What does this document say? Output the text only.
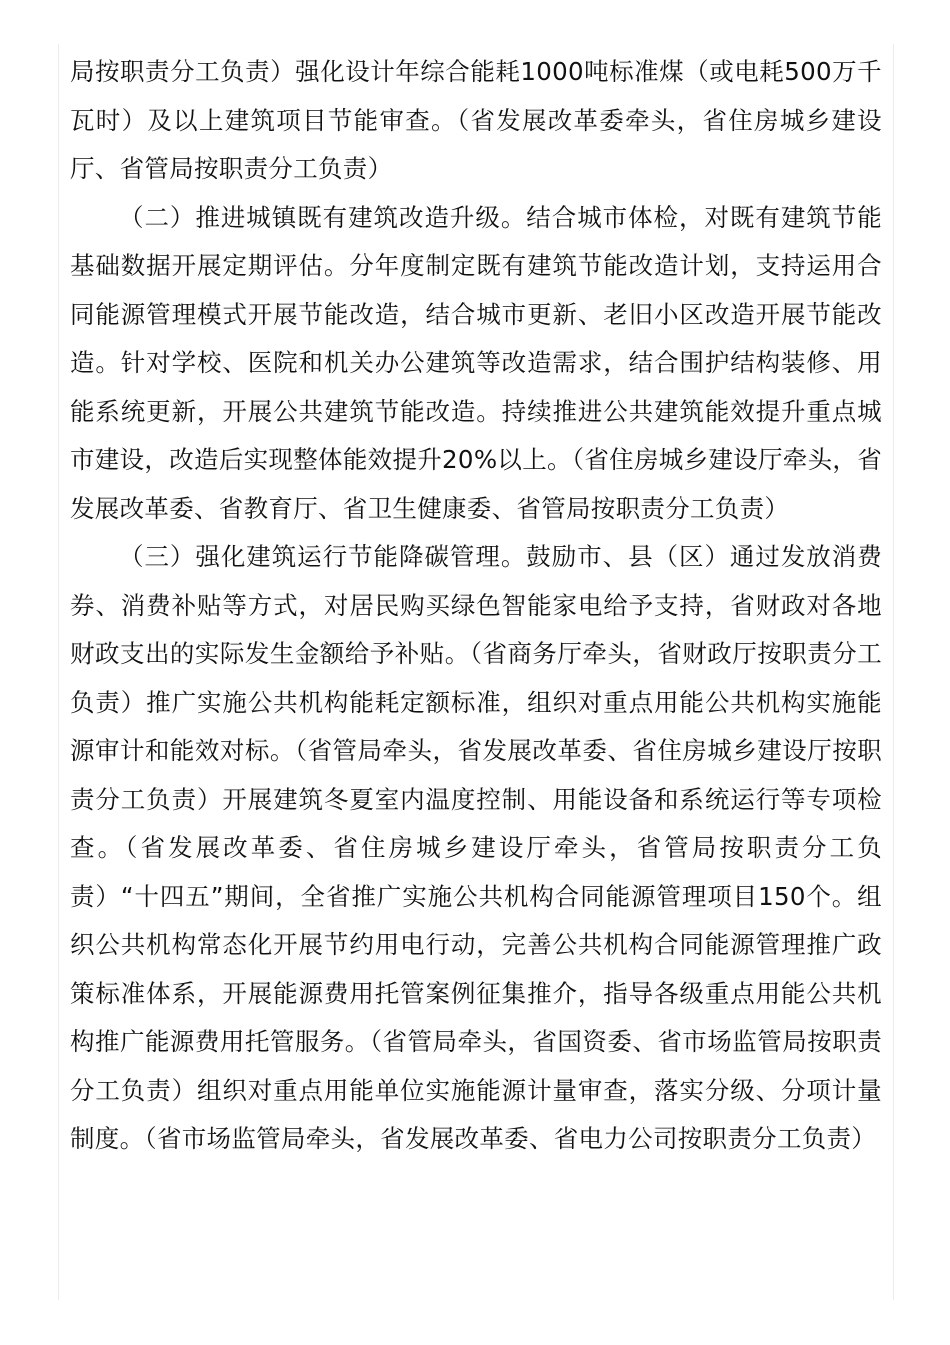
局按职责分工负责）强化设计年综合能耗1000吨标准煤（或电耗500万千瓦时）及以上建筑项目节能审查。（省发展改革委牵头，省住房城乡建设厅、省管局按职责分工负责）

（二）推进城镇既有建筑改造升级。结合城市体检，对既有建筑节能基础数据开展定期评估。分年度制定既有建筑节能改造计划，支持运用合同能源管理模式开展节能改造，结合城市更新、老旧小区改造开展节能改造。针对学校、医院和机关办公建筑等改造需求，结合围护结构装修、用能系统更新，开展公共建筑节能改造。持续推进公共建筑能效提升重点城市建设，改造后实现整体能效提升20%以上。（省住房城乡建设厅牵头，省发展改革委、省教育厅、省卫生健康委、省管局按职责分工负责）

（三）强化建筑运行节能降碳管理。鼓励市、县（区）通过发放消费券、消费补贴等方式，对居民购买绿色智能家电给予支持，省财政对各地财政支出的实际发生金额给予补贴。（省商务厅牵头，省财政厅按职责分工负责）推广实施公共机构能耗定额标准，组织对重点用能公共机构实施能源审计和能效对标。（省管局牵头，省发展改革委、省住房城乡建设厅按职责分工负责）开展建筑冬夏室内温度控制、用能设备和系统运行等专项检查。（省发展改革委、省住房城乡建设厅牵头，省管局按职责分工负责）“十四五”期间，全省推广实施公共机构合同能源管理项目150个。组织公共机构常态化开展节约用电行动，完善公共机构合同能源管理推广政策标准体系，开展能源费用托管案例征集推介，指导各级重点用能公共机构推广能源费用托管服务。（省管局牵头，省国资委、省市场监管局按职责分工负责）组织对重点用能单位实施能源计量审查，落实分级、分项计量制度。（省市场监管局牵头，省发展改革委、省电力公司按职责分工负责）
